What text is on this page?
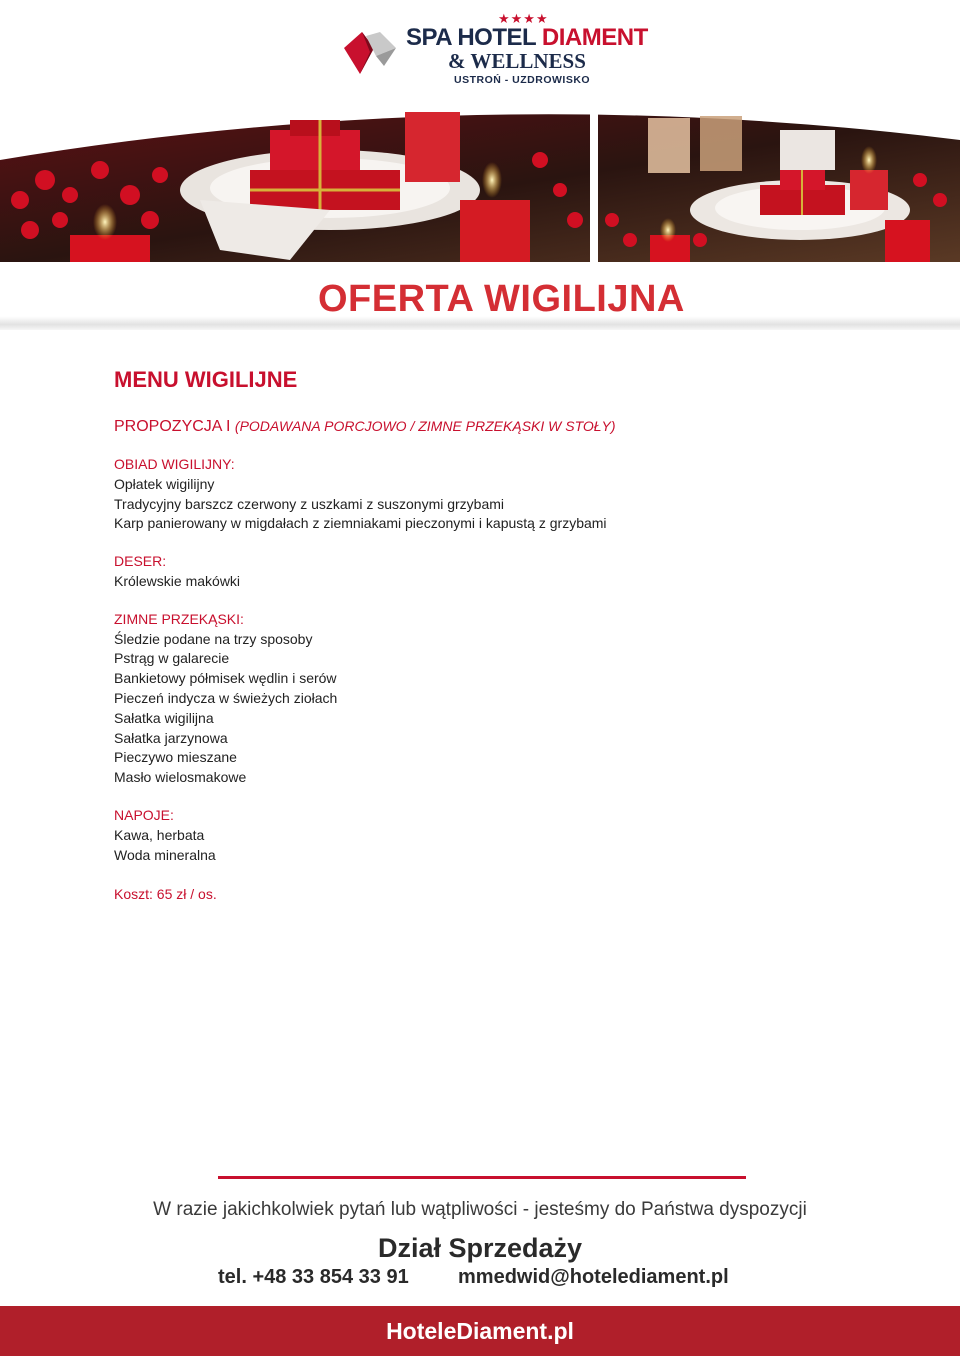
★★★★
SPA HOTEL DIAMENT
& WELLNESS
USTROŃ - UZDROWISKO
OFERTA WIGILIJNA
MENU WIGILIJNE
PROPOZYCJA I (PODAWANA PORCJOWO / ZIMNE PRZEKĄSKI W STOŁY)
OBIAD WIGILIJNY:
Opłatek wigilijny
Tradycyjny barszcz czerwony z uszkami z suszonymi grzybami
Karp panierowany w migdałach z ziemniakami pieczonymi i kapustą z grzybami
DESER:
Królewskie makówki
ZIMNE PRZEKĄSKI:
Śledzie podane na trzy sposoby
Pstrąg w galarecie
Bankietowy półmisek wędlin i serów
Pieczeń indycza w świeżych ziołach
Sałatka wigilijna
Sałatka jarzynowa
Pieczywo mieszane
Masło wielosmakowe
NAPOJE:
Kawa, herbata
Woda mineralna
Koszt: 65 zł / os.
W razie jakichkolwiek pytań lub wątpliwości - jesteśmy do Państwa dyspozycji
Dział Sprzedaży
tel. +48 33 854 33 91 mmedwid@hotelediament.pl
HoteleDiament.pl
